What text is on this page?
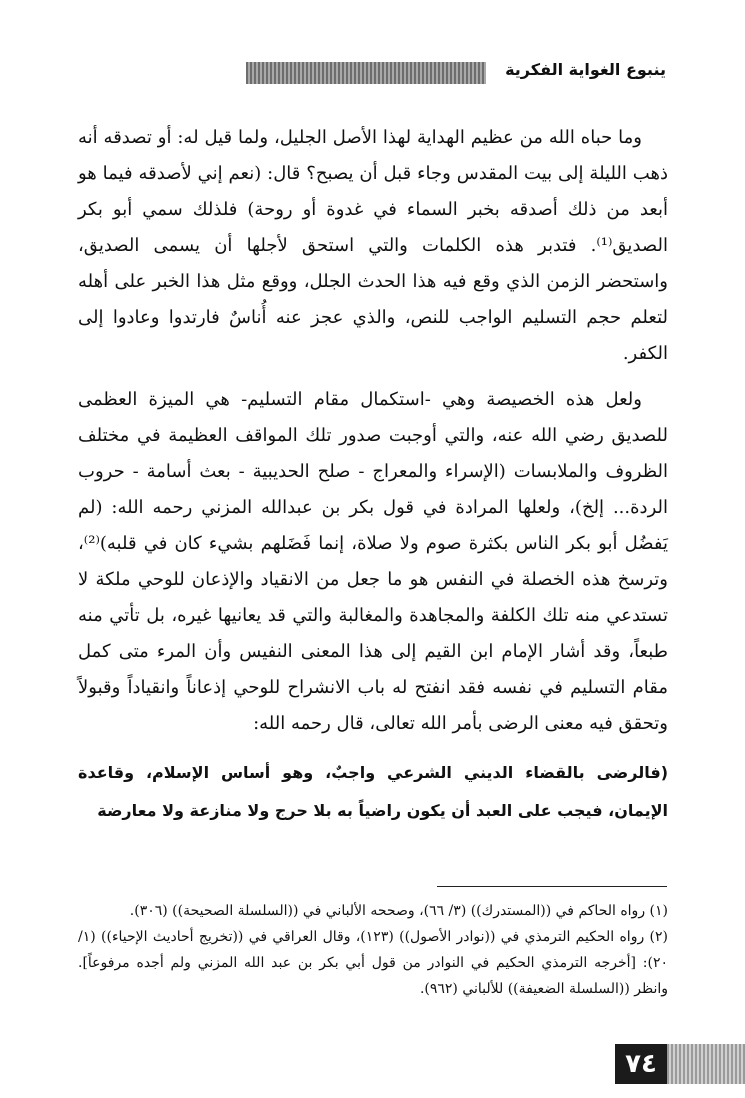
ينبوع الغواية الفكرية

وما حباه الله من عظيم الهداية لهذا الأصل الجليل، ولما قيل له: أو تصدقه أنه ذهب الليلة إلى بيت المقدس وجاء قبل أن يصبح؟ قال: (نعم إني لأصدقه فيما هو أبعد من ذلك أصدقه بخبر السماء في غدوة أو روحة) فلذلك سمي أبو بكر الصديق⁽¹⁾. فتدبر هذه الكلمات والتي استحق لأجلها أن يسمى الصديق، واستحضر الزمن الذي وقع فيه هذا الحدث الجلل، ووقع مثل هذا الخبر على أهله لتعلم حجم التسليم الواجب للنص، والذي عجز عنه أُناسٌ فارتدوا وعادوا إلى الكفر.

ولعل هذه الخصيصة وهي -استكمال مقام التسليم- هي الميزة العظمى للصديق رضي الله عنه، والتي أوجبت صدور تلك المواقف العظيمة في مختلف الظروف والملابسات (الإسراء والمعراج - صلح الحديبية - بعث أسامة - حروب الردة... إلخ)، ولعلها المرادة في قول بكر بن عبدالله المزني رحمه الله: (لم يَفضُل أبو بكر الناس بكثرة صوم ولا صلاة، إنما فَضَلهم بشيء كان في قلبه)⁽²⁾، وترسخ هذه الخصلة في النفس هو ما جعل من الانقياد والإذعان للوحي ملكة لا تستدعي منه تلك الكلفة والمجاهدة والمغالبة والتي قد يعانيها غيره، بل تأتي منه طبعاً، وقد أشار الإمام ابن القيم إلى هذا المعنى النفيس وأن المرء متى كمل مقام التسليم في نفسه فقد انفتح له باب الانشراح للوحي إذعاناً وانقياداً وقبولاً وتحقق فيه معنى الرضى بأمر الله تعالى، قال رحمه الله:

(فالرضى بالقضاء الديني الشرعي واجبٌ، وهو أساس الإسلام، وقاعدة الإيمان، فيجب على العبد أن يكون راضياً به بلا حرج ولا منازعة ولا معارضة

(١) رواه الحاكم في ((المستدرك)) (٣/ ٦٦)، وصححه الألباني في ((السلسلة الصحيحة)) (٣٠٦).

(٢) رواه الحكيم الترمذي في ((نوادر الأصول)) (١٢٣)، وقال العراقي في ((تخريج أحاديث الإحياء)) (١/ ٢٠): [أخرجه الترمذي الحكيم في النوادر من قول أبي بكر بن عبد الله المزني ولم أجده مرفوعاً]. وانظر ((السلسلة الضعيفة)) للألباني (٩٦٢).

٧٤
